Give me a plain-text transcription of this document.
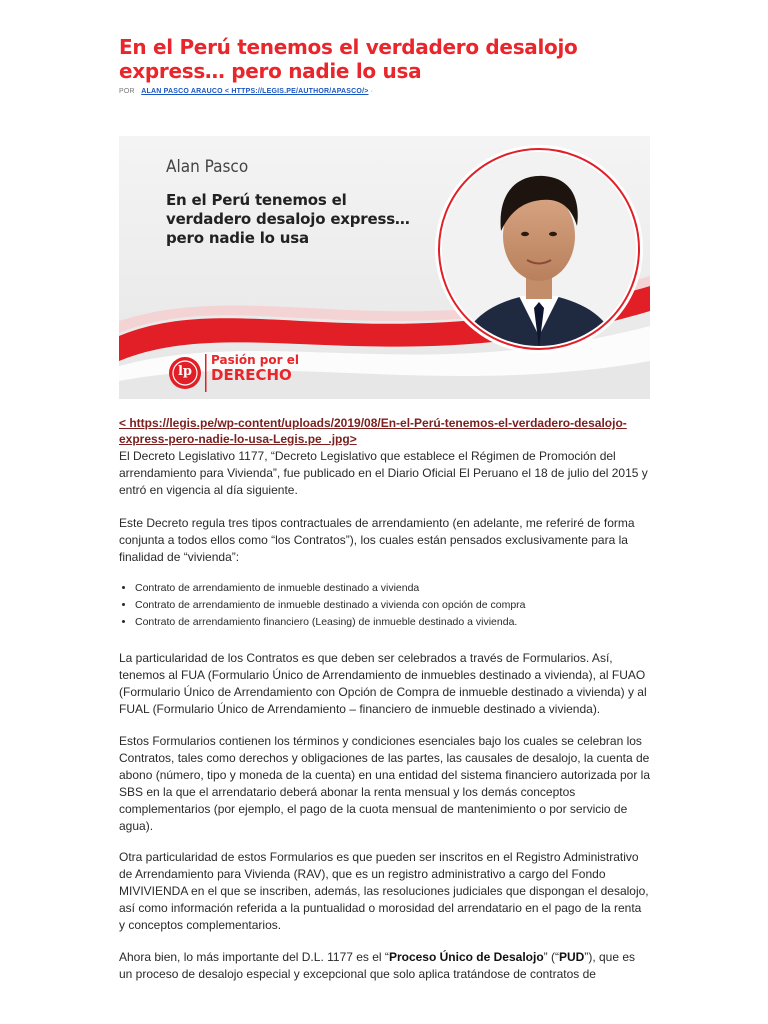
En el Perú tenemos el verdadero desalojo express… pero nadie lo usa
POR ALAN PASCO ARAUCO < HTTPS://LEGIS.PE/AUTHOR/APASCO/> ·
Alan Pasco
En el Perú tenemos el verdadero desalojo express… pero nadie lo usa
Pasión por el
DERECHO
lp
< https://legis.pe/wp-content/uploads/2019/08/En-el-Perú-tenemos-el-verdadero-desalojo-express-pero-nadie-lo-usa-Legis.pe_.jpg>

El Decreto Legislativo 1177, “Decreto Legislativo que establece el Régimen de Promoción del arrendamiento para Vivienda”, fue publicado en el Diario Oficial El Peruano el 18 de julio del 2015 y entró en vigencia al día siguiente.

Este Decreto regula tres tipos contractuales de arrendamiento (en adelante, me referiré de forma conjunta a todos ellos como “los Contratos”), los cuales están pensados exclusivamente para la finalidad de “vivienda”:

• Contrato de arrendamiento de inmueble destinado a vivienda
• Contrato de arrendamiento de inmueble destinado a vivienda con opción de compra
• Contrato de arrendamiento financiero (Leasing) de inmueble destinado a vivienda.

La particularidad de los Contratos es que deben ser celebrados a través de Formularios. Así, tenemos al FUA (Formulario Único de Arrendamiento de inmuebles destinado a vivienda), al FUAO (Formulario Único de Arrendamiento con Opción de Compra de inmueble destinado a vivienda) y al FUAL (Formulario Único de Arrendamiento – financiero de inmueble destinado a vivienda).

Estos Formularios contienen los términos y condiciones esenciales bajo los cuales se celebran los Contratos, tales como derechos y obligaciones de las partes, las causales de desalojo, la cuenta de abono (número, tipo y moneda de la cuenta) en una entidad del sistema financiero autorizada por la SBS en la que el arrendatario deberá abonar la renta mensual y los demás conceptos complementarios (por ejemplo, el pago de la cuota mensual de mantenimiento o por servicio de agua).

Otra particularidad de estos Formularios es que pueden ser inscritos en el Registro Administrativo de Arrendamiento para Vivienda (RAV), que es un registro administrativo a cargo del Fondo MIVIVIENDA en el que se inscriben, además, las resoluciones judiciales que dispongan el desalojo, así como información referida a la puntualidad o morosidad del arrendatario en el pago de la renta y conceptos complementarios.

Ahora bien, lo más importante del D.L. 1177 es el “Proceso Único de Desalojo” (“PUD”), que es un proceso de desalojo especial y excepcional que solo aplica tratándose de contratos de
